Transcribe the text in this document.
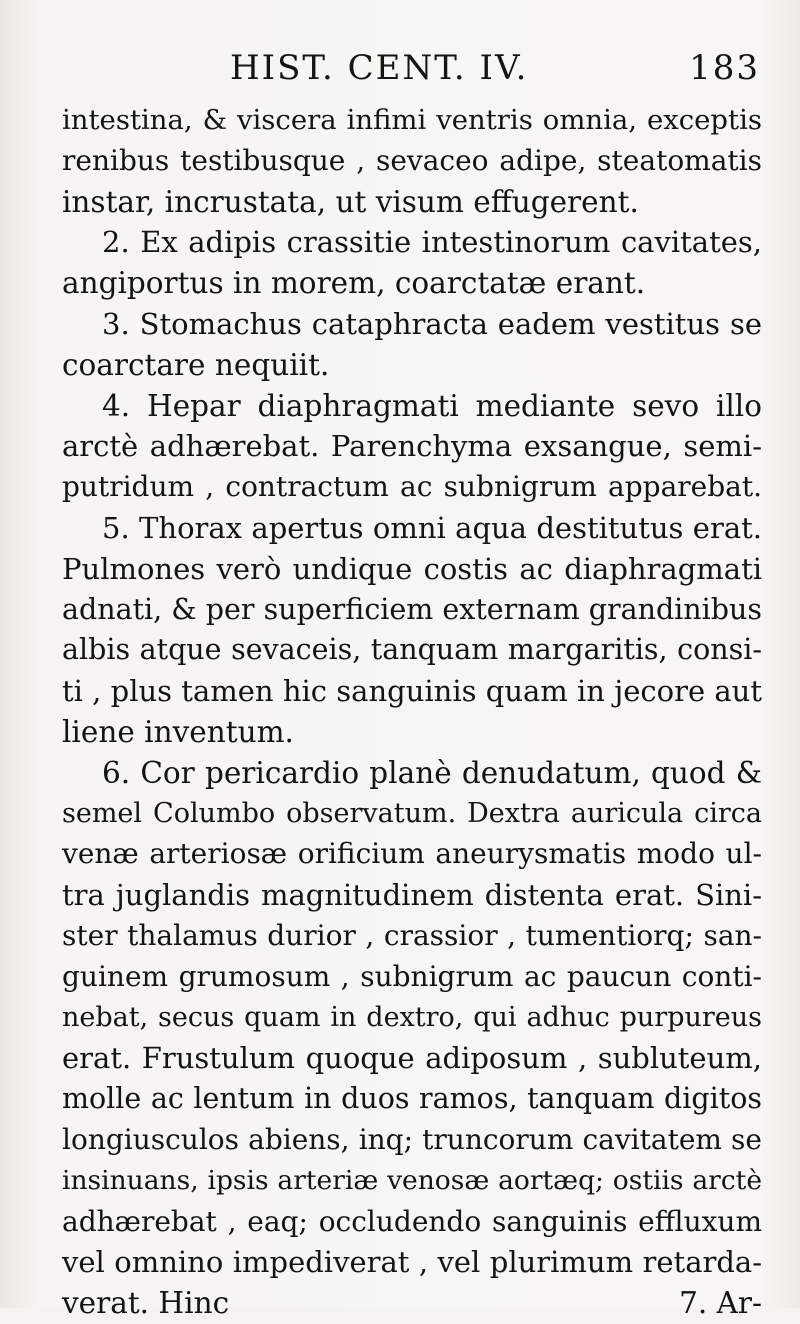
HIST. CENT. IV.	183
intestina, & viscera infimi ventris omnia, exceptis
renibus testibusque , sevaceo adipe, steatomatis
instar, incrustata, ut visum effugerent.
2. Ex adipis crassitie intestinorum cavitates,
angiportus in morem, coarctatæ erant.
3. Stomachus cataphracta eadem vestitus se
coarctare nequiit.
4. Hepar diaphragmati mediante sevo illo
arctè adhærebat. Parenchyma exsangue, semi-
putridum , contractum ac subnigrum apparebat.
5. Thorax apertus omni aqua destitutus erat.
Pulmones verò undique costis ac diaphragmati
adnati, & per superficiem externam grandinibus
albis atque sevaceis, tanquam margaritis, consi-
ti , plus tamen hic sanguinis quam in jecore aut
liene inventum.
6. Cor pericardio planè denudatum, quod &
semel Columbo observatum. Dextra auricula circa
venæ arteriosæ orificium aneurysmatis modo ul-
tra juglandis magnitudinem distenta erat. Sini-
ster thalamus durior , crassior , tumentiorq; san-
guinem grumosum , subnigrum ac paucun conti-
nebat, secus quam in dextro, qui adhuc purpureus
erat. Frustulum quoque adiposum , subluteum,
molle ac lentum in duos ramos, tanquam digitos
longiusculos abiens, inq; truncorum cavitatem se
insinuans, ipsis arteriæ venosæ aortæq; ostiis arctè
adhærebat , eaq; occludendo sanguinis effluxum
vel omnino impediverat , vel plurimum retarda-
verat. Hinc	7. Ar-
